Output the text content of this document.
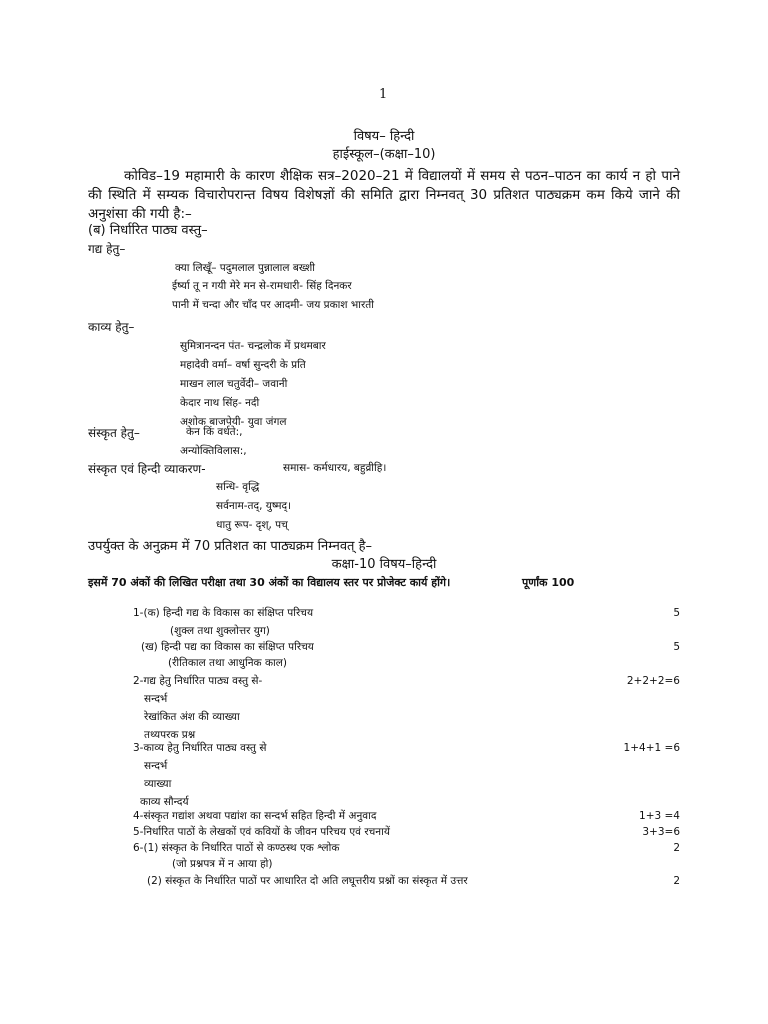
1
विषय– हिन्दी
हाईस्कूल–(कक्षा–10)
कोविड–19 महामारी के कारण शैक्षिक सत्र–2020–21 में विद्यालयों में समय से पठन–पाठन का कार्य न हो पाने की स्थिति में सम्यक विचारोपरान्त विषय विशेषज्ञों की समिति द्वारा निम्नवत् 30 प्रतिशत पाठ्यक्रम कम किये जाने की अनुशंसा की गयी है:–
(ब) निर्धारित पाठ्य वस्तु–
गद्य हेतु–
क्या लिखूँ– पदुमलाल पुन्नालाल बख्शी
ईर्ष्या तू न गयी मेरे मन से-रामधारी- सिंह दिनकर
पानी में चन्दा और चाँद पर आदमी- जय प्रकाश भारती
काव्य हेतु–
सुमित्रानन्दन पंत- चन्द्रलोक में प्रथमबार
महादेवी वर्मा– वर्षा सुन्दरी के प्रति
माखन लाल चतुर्वेदी– जवानी
केदार नाथ सिंह- नदी
अशोक बाजपेयी- युवा जंगल
संस्कृत हेतु–	केन किं वर्धते:,
अन्योक्तिविलास:,
संस्कृत एवं हिन्दी व्याकरण-	समास- कर्मधारय, बहुव्रीहि।
सन्धि- वृद्धि
सर्वनाम-तद्, युष्मद्।
धातु रूप- दृश्, पच्
उपर्युक्त के अनुक्रम में 70 प्रतिशत का पाठ्यक्रम निम्नवत् है–
कक्षा-10 विषय–हिन्दी
इसमें 70 अंकों की लिखित परीक्षा तथा 30 अंकों का विद्यालय स्तर पर प्रोजेक्ट कार्य होंगे।	पूर्णांक 100
1-(क) हिन्दी गद्य के विकास का संक्षिप्त परिचय	5
(शुक्ल तथा शुक्लोत्तर युग)
(ख) हिन्दी पद्य का विकास का संक्षिप्त परिचय	5
(रीतिकाल तथा आधुनिक काल)
2-गद्य हेतु निर्धारित पाठ्य वस्तु से-	2+2+2=6
सन्दर्भ
रेखांकित अंश की व्याख्या
तथ्यपरक प्रश्न
3-काव्य हेतु निर्धारित पाठ्य वस्तु से	1+4+1 =6
सन्दर्भ
व्याख्या
काव्य सौन्दर्य
4-संस्कृत गद्यांश अथवा पद्यांश का सन्दर्भ सहित हिन्दी में अनुवाद	1+3 =4
5-निर्धारित पाठों के लेखकों एवं कवियों के जीवन परिचय एवं रचनायें	3+3=6
6-(1) संस्कृत के निर्धारित पाठों से कण्ठस्थ एक श्लोक	2
(जो प्रश्नपत्र में न आया हो)
(2) संस्कृत के निर्धारित पाठों पर आधारित दो अति लघूत्तरीय प्रश्नों का संस्कृत में उत्तर	2
